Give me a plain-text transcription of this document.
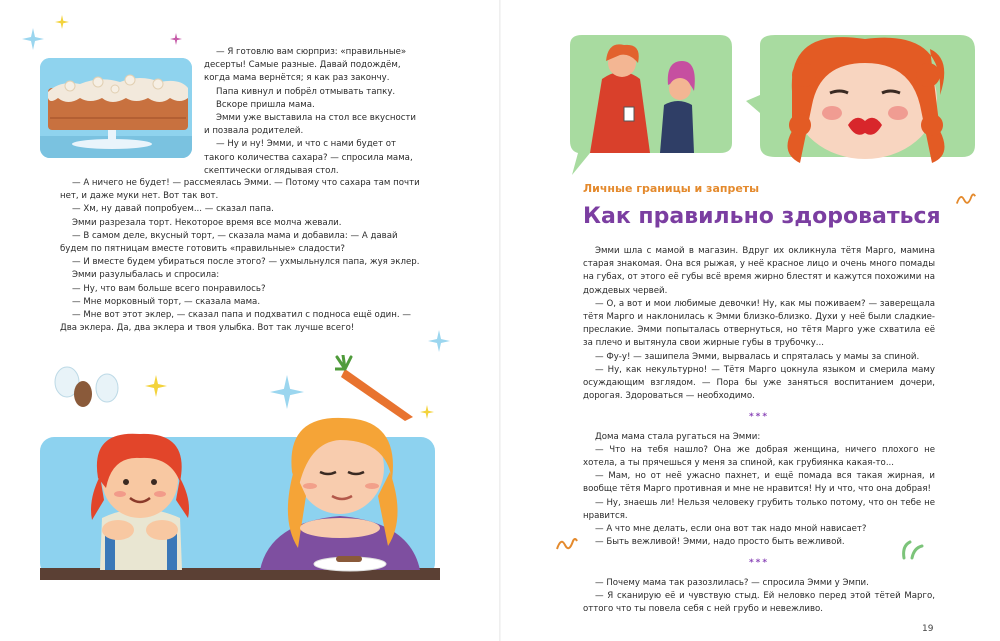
— Я готовлю вам сюрприз: «правильные» десерты! Самые разные. Давай подождём, когда мама вернётся; я как раз закончу.

Папа кивнул и побрёл отмывать тапку.

Вскоре пришла мама.

Эмми уже выставила на стол все вкусности и позвала родителей.

— Ну и ну! Эмми, и что с нами будет от такого количества сахара? — спросила мама, скептически оглядывая стол.

— А ничего не будет! — рассмеялась Эмми. — Потому что сахара там почти нет, и даже муки нет. Вот так вот.

— Хм, ну давай попробуем... — сказал папа.

Эмми разрезала торт. Некоторое время все молча жевали.

— В самом деле, вкусный торт, — сказала мама и добавила: — А давай будем по пятницам вместе готовить «правильные» сладости?

— И вместе будем убираться после этого? — ухмыльнулся папа, жуя эклер.

Эмми разулыбалась и спросила:

— Ну, что вам больше всего понравилось?

— Мне морковный торт, — сказала мама.

— Мне вот этот эклер, — сказал папа и подхватил с подноса ещё один. — Два эклера. Да, два эклера и твоя улыбка. Вот так лучше всего!

Личные границы и запреты
Как правильно здороваться

Эмми шла с мамой в магазин. Вдруг их окликнула тётя Марго, мамина старая знакомая. Она вся рыжая, у неё красное лицо и очень много помады на губах, от этого её губы всё время жирно блестят и кажутся похожими на дождевых червей.

— О, а вот и мои любимые девочки! Ну, как мы поживаем? — заверещала тётя Марго и наклонилась к Эмми близко-близко. Духи у неё были сладкие-преслакие. Эмми попыталась отвернуться, но тётя Марго уже схватила её за плечо и вытянула свои жирные губы в трубочку...

— Фу-у! — зашипела Эмми, вырвалась и спряталась у мамы за спиной.

— Ну, как некультурно! — Тётя Марго цокнула языком и смерила маму осуждающим взглядом. — Пора бы уже заняться воспитанием дочери, дорогая. Здороваться — необходимо.

***

Дома мама стала ругаться на Эмми:

— Что на тебя нашло? Она же добрая женщина, ничего плохого не хотела, а ты прячешься у меня за спиной, как грубиянка какая-то...

— Мам, но от неё ужасно пахнет, и ещё помада вся такая жирная, и вообще тётя Марго противная и мне не нравится! Ну и что, что она добрая!

— Ну, знаешь ли! Нельзя человеку грубить только потому, что он тебе не нравится.

— А что мне делать, если она вот так надо мной нависает?

— Быть вежливой! Эмми, надо просто быть вежливой.

***

— Почему мама так разозлилась? — спросила Эмми у Эмпи.

— Я сканирую её и чувствую стыд. Ей неловко перед этой тётей Марго, оттого что ты повела себя с ней грубо и невежливо.

19
